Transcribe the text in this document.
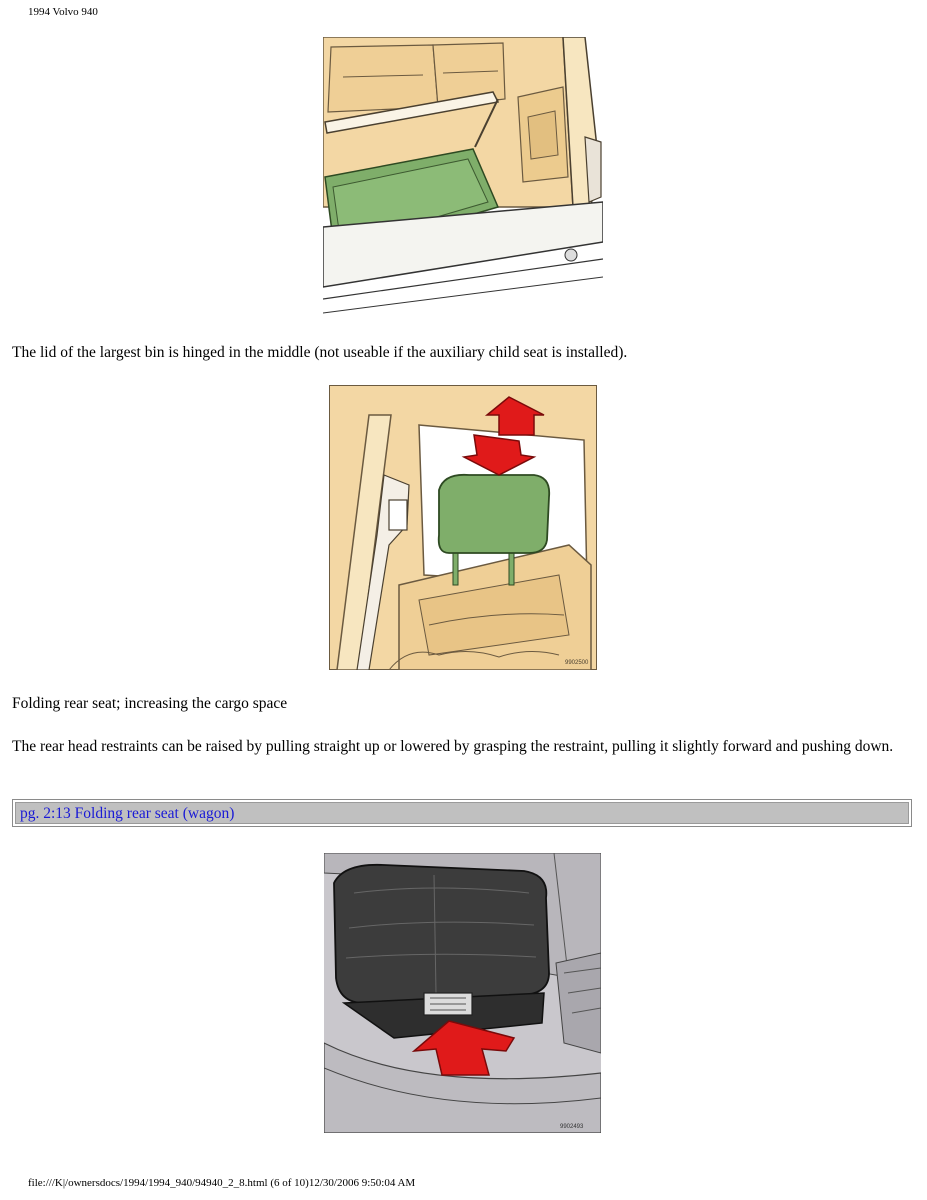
1994 Volvo 940
The lid of the largest bin is hinged in the middle (not useable if the auxiliary child seat is installed).
9902500
Folding rear seat; increasing the cargo space
The rear head restraints can be raised by pulling straight up or lowered by grasping the restraint, pulling it slightly forward and pushing down.
pg. 2:13 Folding rear seat (wagon)
9902493
file:///K|/ownersdocs/1994/1994_940/94940_2_8.html (6 of 10)12/30/2006 9:50:04 AM
